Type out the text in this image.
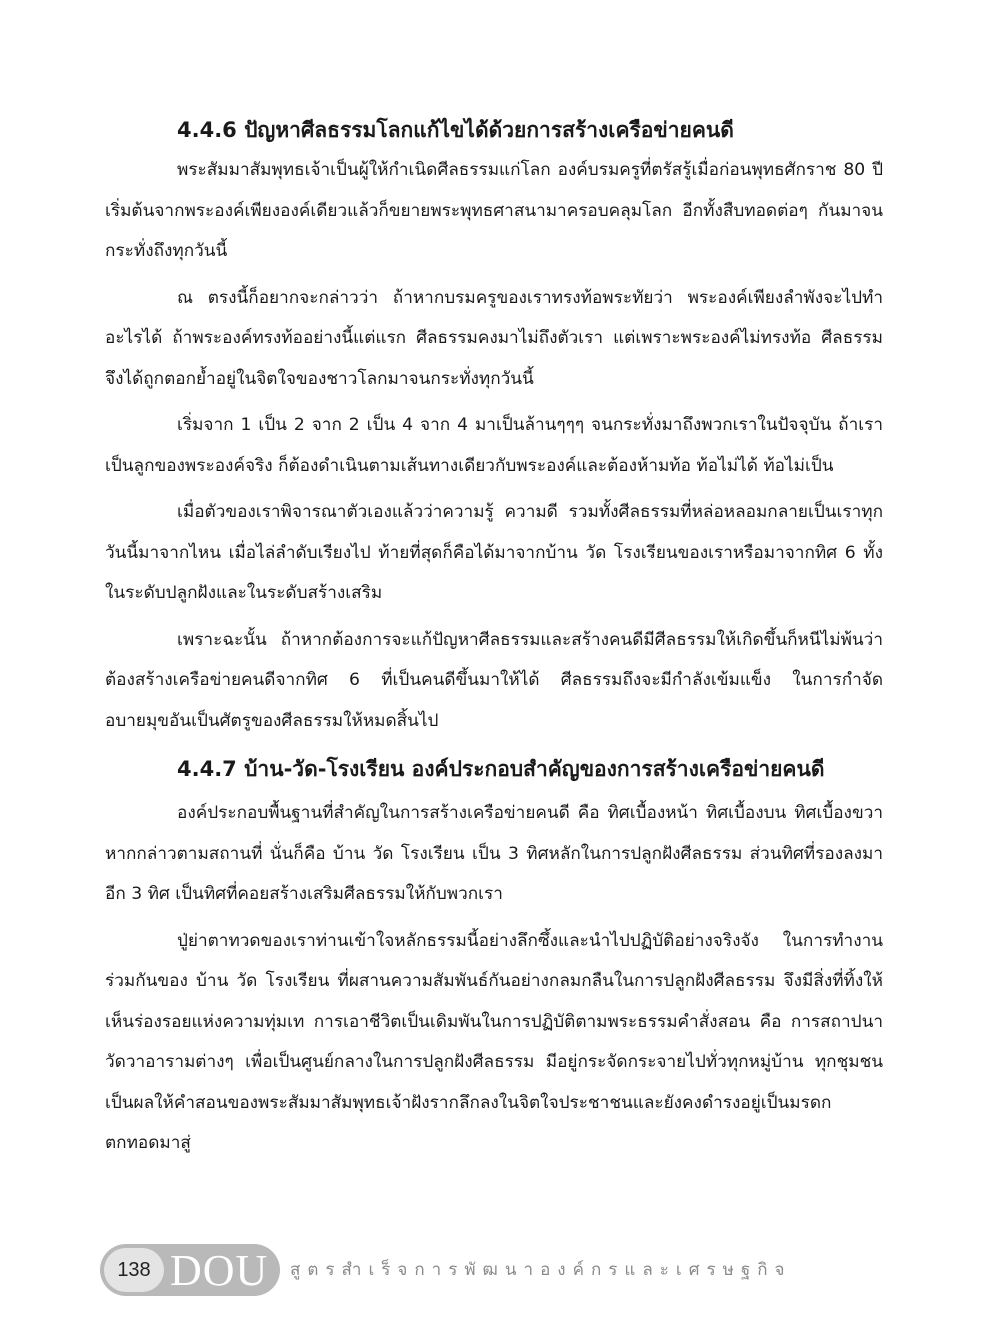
4.4.6 ปัญหาศีลธรรมโลกแก้ไขได้ด้วยการสร้างเครือข่ายคนดี

พระสัมมาสัมพุทธเจ้าเป็นผู้ให้กำเนิดศีลธรรมแก่โลก องค์บรมครูที่ตรัสรู้เมื่อก่อนพุทธศักราช 80 ปี เริ่มต้นจากพระองค์เพียงองค์เดียวแล้วก็ขยายพระพุทธศาสนามาครอบคลุมโลก อีกทั้งสืบทอดต่อๆ กันมาจนกระทั่งถึงทุกวันนี้

ณ ตรงนี้ก็อยากจะกล่าวว่า ถ้าหากบรมครูของเราทรงท้อพระทัยว่า พระองค์เพียงลำพังจะไปทำอะไรได้ ถ้าพระองค์ทรงท้ออย่างนี้แต่แรก ศีลธรรมคงมาไม่ถึงตัวเรา แต่เพราะพระองค์ไม่ทรงท้อ ศีลธรรมจึงได้ถูกตอกย้ำอยู่ในจิตใจของชาวโลกมาจนกระทั่งทุกวันนี้

เริ่มจาก 1 เป็น 2 จาก 2 เป็น 4 จาก 4 มาเป็นล้านๆๆๆ จนกระทั่งมาถึงพวกเราในปัจจุบัน ถ้าเราเป็นลูกของพระองค์จริง ก็ต้องดำเนินตามเส้นทางเดียวกับพระองค์และต้องห้ามท้อ ท้อไม่ได้ ท้อไม่เป็น

เมื่อตัวของเราพิจารณาตัวเองแล้วว่าความรู้ ความดี รวมทั้งศีลธรรมที่หล่อหลอมกลายเป็นเราทุกวันนี้มาจากไหน เมื่อไล่ลำดับเรียงไป ท้ายที่สุดก็คือได้มาจากบ้าน วัด โรงเรียนของเราหรือมาจากทิศ 6 ทั้งในระดับปลูกฝังและในระดับสร้างเสริม

เพราะฉะนั้น ถ้าหากต้องการจะแก้ปัญหาศีลธรรมและสร้างคนดีมีศีลธรรมให้เกิดขึ้นก็หนีไม่พ้นว่าต้องสร้างเครือข่ายคนดีจากทิศ 6 ที่เป็นคนดีขึ้นมาให้ได้ ศีลธรรมถึงจะมีกำลังเข้มแข็ง ในการกำจัดอบายมุขอันเป็นศัตรูของศีลธรรมให้หมดสิ้นไป

4.4.7 บ้าน-วัด-โรงเรียน องค์ประกอบสำคัญของการสร้างเครือข่ายคนดี

องค์ประกอบพื้นฐานที่สำคัญในการสร้างเครือข่ายคนดี คือ ทิศเบื้องหน้า ทิศเบื้องบน ทิศเบื้องขวา หากกล่าวตามสถานที่ นั่นก็คือ บ้าน วัด โรงเรียน เป็น 3 ทิศหลักในการปลูกฝังศีลธรรม ส่วนทิศที่รองลงมาอีก 3 ทิศ เป็นทิศที่คอยสร้างเสริมศีลธรรมให้กับพวกเรา

ปู่ย่าตาทวดของเราท่านเข้าใจหลักธรรมนี้อย่างลึกซึ้งและนำไปปฏิบัติอย่างจริงจัง ในการทำงานร่วมกันของ บ้าน วัด โรงเรียน ที่ผสานความสัมพันธ์กันอย่างกลมกลืนในการปลูกฝังศีลธรรม จึงมีสิ่งที่ทิ้งให้เห็นร่องรอยแห่งความทุ่มเท การเอาชีวิตเป็นเดิมพันในการปฏิบัติตามพระธรรมคำสั่งสอน คือ การสถาปนาวัดวาอารามต่างๆ เพื่อเป็นศูนย์กลางในการปลูกฝังศีลธรรม มีอยู่กระจัดกระจายไปทั่วทุกหมู่บ้าน ทุกชุมชน เป็นผลให้คำสอนของพระสัมมาสัมพุทธเจ้าฝังรากลึกลงในจิตใจประชาชนและยังคงดำรงอยู่เป็นมรดก ตกทอดมาสู่

138 DOU สูตรสำเร็จการพัฒนาองค์กรและเศรษฐกิจ
